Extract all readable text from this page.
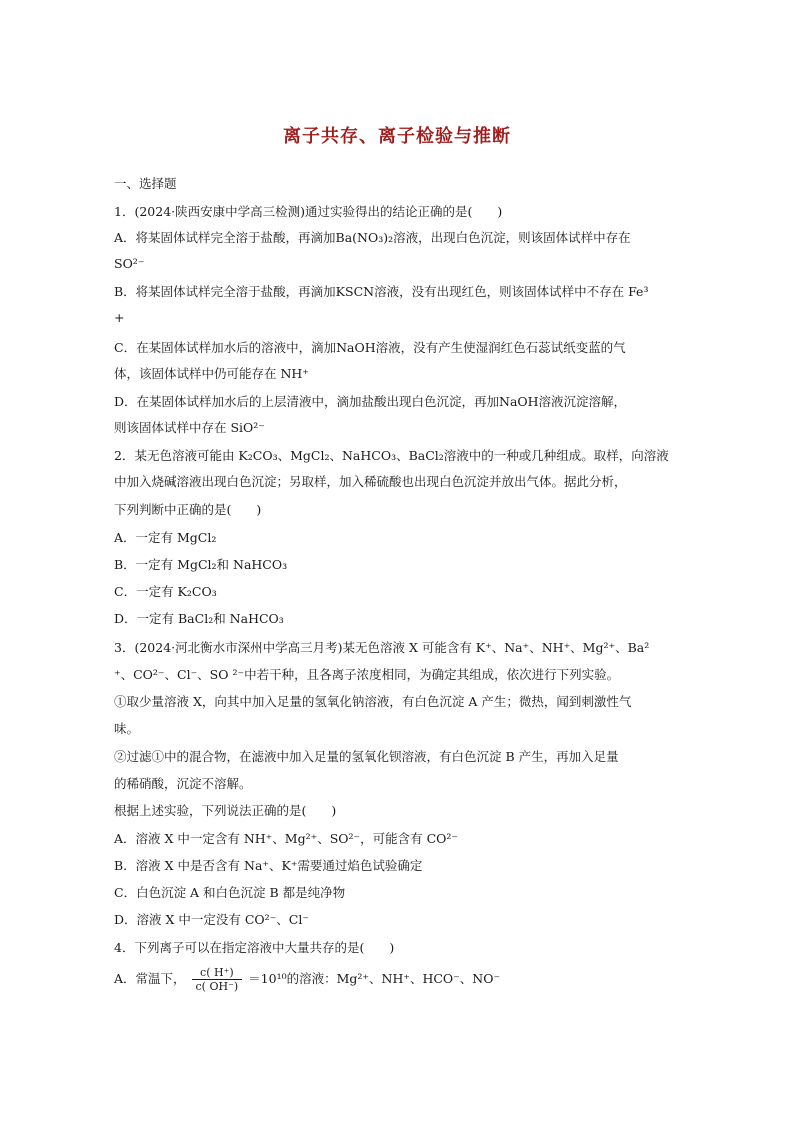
离子共存、离子检验与推断
一、选择题
1．(2024·陕西安康中学高三检测)通过实验得出的结论正确的是(　　)
A．将某固体试样完全溶于盐酸，再滴加Ba(NO₃)₂溶液，出现白色沉淀，则该固体试样中存在
SO²⁻
B．将某固体试样完全溶于盐酸，再滴加KSCN溶液，没有出现红色，则该固体试样中不存在 Fe³
+
C．在某固体试样加水后的溶液中，滴加NaOH溶液，没有产生使湿润红色石蕊试纸变蓝的气
体，该固体试样中仍可能存在 NH⁺
D．在某固体试样加水后的上层清液中，滴加盐酸出现白色沉淀，再加NaOH溶液沉淀溶解，
则该固体试样中存在 SiO²⁻
2．某无色溶液可能由 K₂CO₃、MgCl₂、NaHCO₃、BaCl₂溶液中的一种或几种组成。取样，向溶液
中加入烧碱溶液出现白色沉淀；另取样，加入稀硫酸也出现白色沉淀并放出气体。据此分析，
下列判断中正确的是(　　)
A．一定有 MgCl₂
B．一定有 MgCl₂和 NaHCO₃
C．一定有 K₂CO₃
D．一定有 BaCl₂和 NaHCO₃
3．(2024·河北衡水市深州中学高三月考)某无色溶液 X 可能含有 K⁺、Na⁺、NH⁺、Mg²⁺、Ba²
⁺、CO²⁻、Cl⁻、SO ²⁻中若干种，且各离子浓度相同，为确定其组成，依次进行下列实验。
①取少量溶液 X，向其中加入足量的氢氧化钠溶液，有白色沉淀 A 产生；微热，闻到刺激性气
味。
②过滤①中的混合物，在滤液中加入足量的氢氧化钡溶液，有白色沉淀 B 产生，再加入足量
的稀硝酸，沉淀不溶解。
根据上述实验，下列说法正确的是(　　)
A．溶液 X 中一定含有 NH⁺、Mg²⁺、SO²⁻，可能含有 CO²⁻
B．溶液 X 中是否含有 Na⁺、K⁺需要通过焰色试验确定
C．白色沉淀 A 和白色沉淀 B 都是纯净物
D．溶液 X 中一定没有 CO²⁻、Cl⁻
4．下列离子可以在指定溶液中大量共存的是(　　)
A．常温下， $\frac{c( H^+)}{c( OH^-)} =10^{10}$的溶液：Mg²⁺、NH⁺、HCO⁻、NO⁻
